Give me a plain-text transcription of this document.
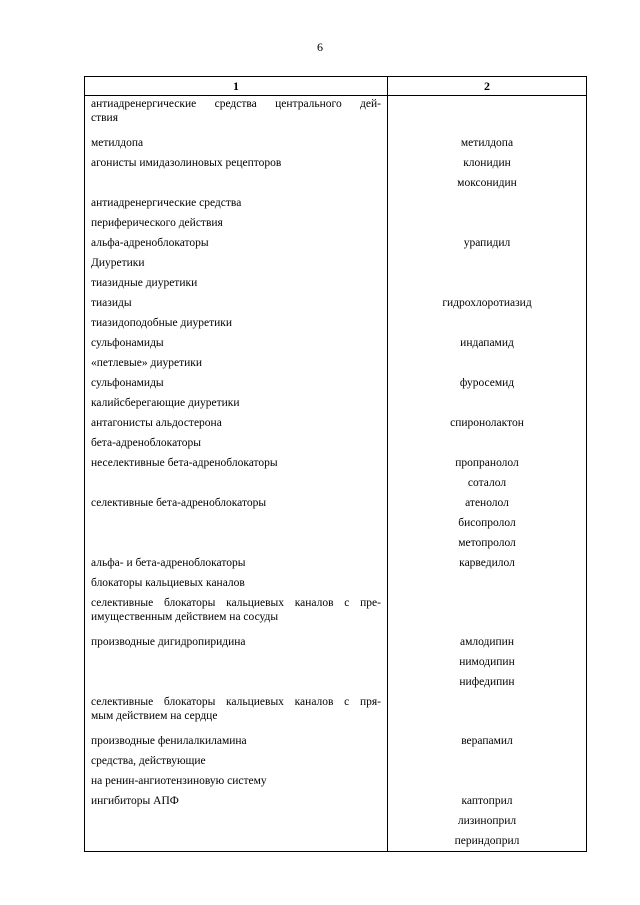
6
1	2

антиадренергические средства центрального дей-
ствия	

метилдопа	метилдопа

агонисты имидазолиновых рецепторов	клонидин

	моксонидин

антиадренергические средства	

периферического действия	

альфа-адреноблокаторы	урапидил

Диуретики	

тиазидные диуретики	

тиазиды	гидрохлоротиазид

тиазидоподобные диуретики	

сульфонамиды	индапамид

«петлевые» диуретики	

сульфонамиды	фуросемид

калийсберегающие диуретики	

антагонисты альдостерона	спиронолактон

бета-адреноблокаторы	

неселективные бета-адреноблокаторы	пропранолол

	соталол

селективные бета-адреноблокаторы	атенолол

	бисопролол

	метопролол

альфа- и бета-адреноблокаторы	карведилол

блокаторы кальциевых каналов	

селективные блокаторы кальциевых каналов с пре-
имущественным действием на сосуды	

производные дигидропиридина	амлодипин

	нимодипин

	нифедипин

селективные блокаторы кальциевых каналов с пря-
мым действием на сердце	

производные фенилалкиламина	верапамил

средства, действующие	

на ренин-ангиотензиновую систему	

ингибиторы АПФ	каптоприл

	лизиноприл

	периндоприл
